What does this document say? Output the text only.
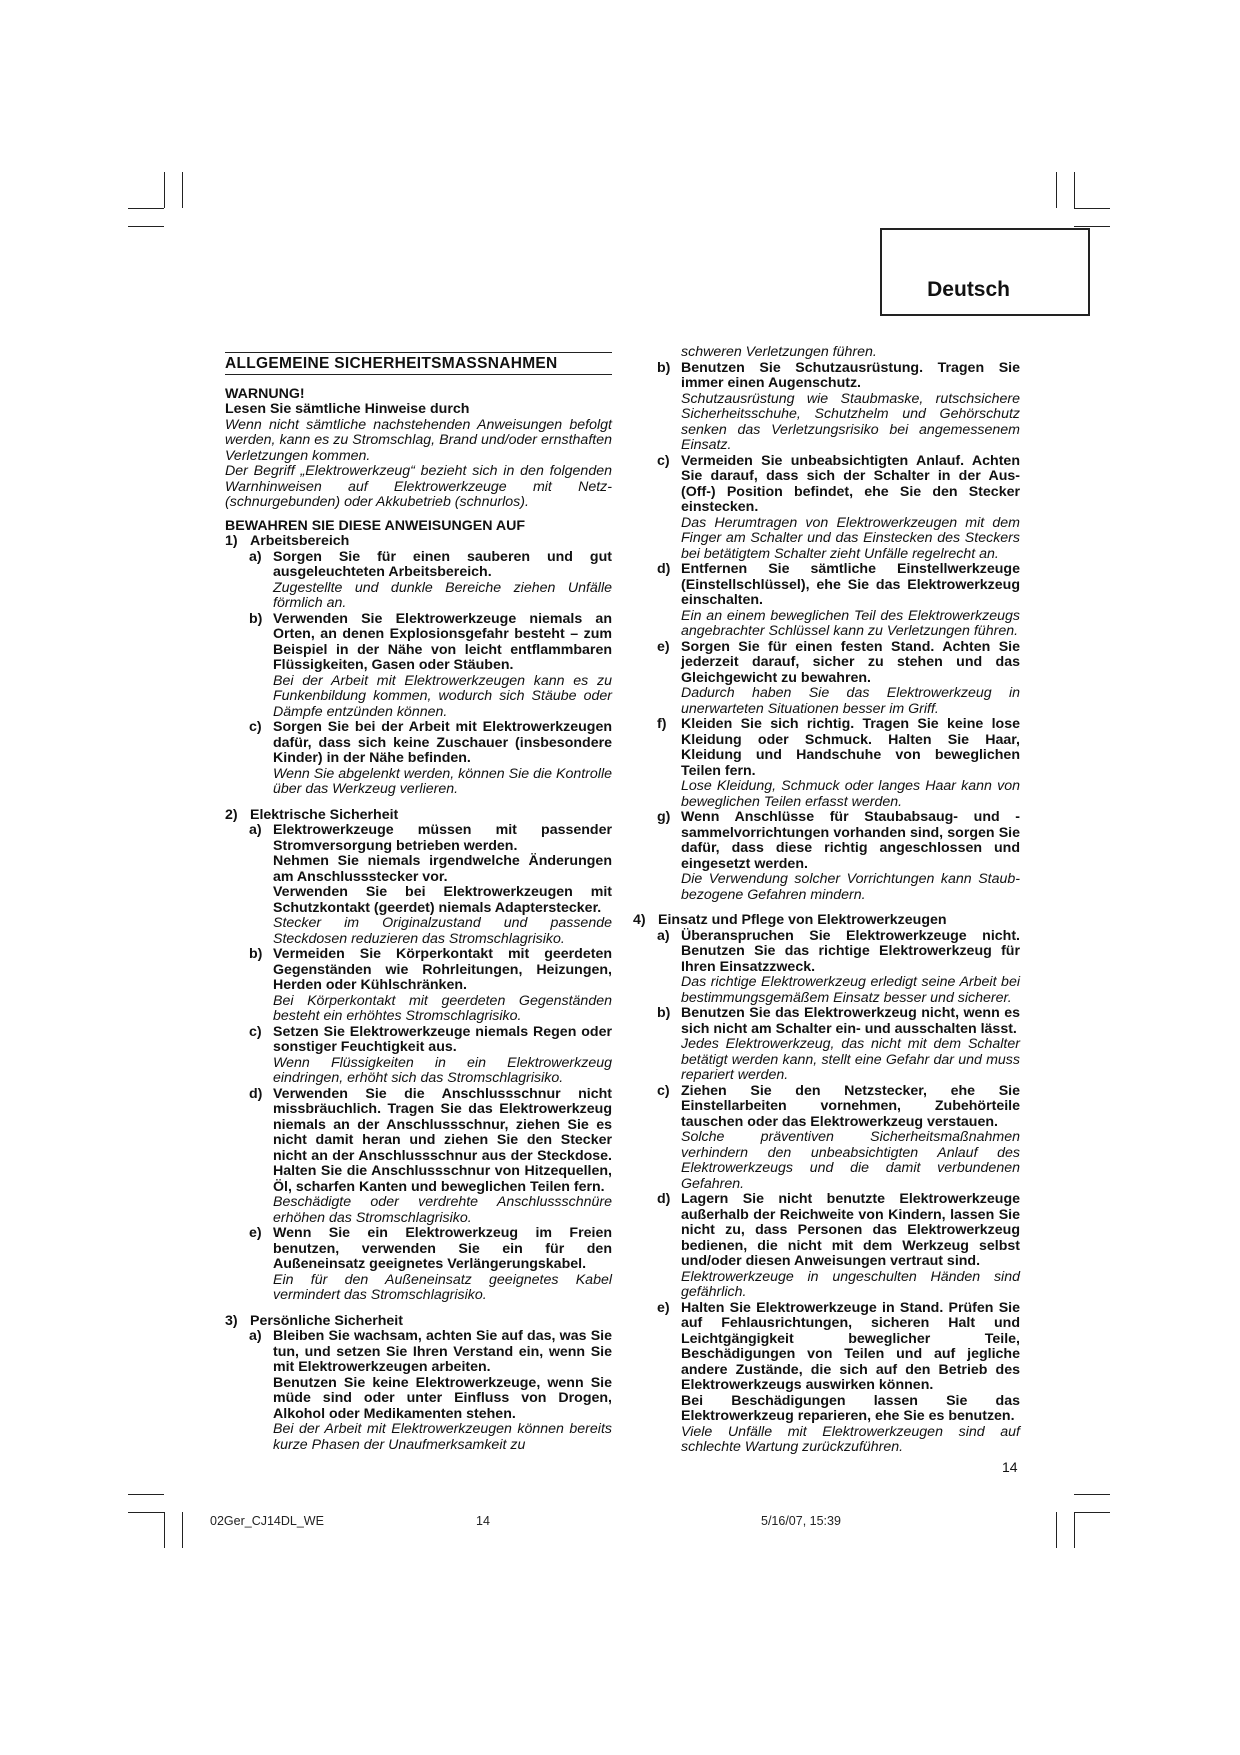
Deutsch
ALLGEMEINE SICHERHEITSMASSNAHMEN

WARNUNG!

Lesen Sie sämtliche Hinweise durch

Wenn nicht sämtliche nachstehenden Anweisungen befolgt werden, kann es zu Stromschlag, Brand und/oder ernsthaften Verletzungen kommen.

Der Begriff „Elektrowerkzeug“ bezieht sich in den folgenden Warnhinweisen auf Elektrowerkzeuge mit Netz- (schnurgebunden) oder Akkubetrieb (schnurlos).

BEWAHREN SIE DIESE ANWEISUNGEN AUF

1) Arbeitsbereich
a) Sorgen Sie für einen sauberen und gut ausgeleuchteten Arbeitsbereich.

Zugestellte und dunkle Bereiche ziehen Unfälle förmlich an.

b) Verwenden Sie Elektrowerkzeuge niemals an Orten, an denen Explosionsgefahr besteht – zum Beispiel in der Nähe von leicht entflammbaren Flüssigkeiten, Gasen oder Stäuben.

Bei der Arbeit mit Elektrowerkzeugen kann es zu Funkenbildung kommen, wodurch sich Stäube oder Dämpfe entzünden können.

c) Sorgen Sie bei der Arbeit mit Elektrowerkzeugen dafür, dass sich keine Zuschauer (insbesondere Kinder) in der Nähe befinden.

Wenn Sie abgelenkt werden, können Sie die Kontrolle über das Werkzeug verlieren.

2) Elektrische Sicherheit
a) Elektrowerkzeuge müssen mit passender Stromversorgung betrieben werden.

Nehmen Sie niemals irgendwelche Änderungen am Anschlussstecker vor.

Verwenden Sie bei Elektrowerkzeugen mit Schutzkontakt (geerdet) niemals Adapterstecker.

Stecker im Originalzustand und passende Steckdosen reduzieren das Stromschlagrisiko.

b) Vermeiden Sie Körperkontakt mit geerdeten Gegenständen wie Rohrleitungen, Heizungen, Herden oder Kühlschränken.

Bei Körperkontakt mit geerdeten Gegenständen besteht ein erhöhtes Stromschlagrisiko.

c) Setzen Sie Elektrowerkzeuge niemals Regen oder sonstiger Feuchtigkeit aus.

Wenn Flüssigkeiten in ein Elektrowerkzeug eindringen, erhöht sich das Stromschlagrisiko.

d) Verwenden Sie die Anschlussschnur nicht missbräuchlich. Tragen Sie das Elektrowerkzeug niemals an der Anschlussschnur, ziehen Sie es nicht damit heran und ziehen Sie den Stecker nicht an der Anschlussschnur aus der Steckdose. Halten Sie die Anschlussschnur von Hitzequellen, Öl, scharfen Kanten und beweglichen Teilen fern.

Beschädigte oder verdrehte Anschlussschnüre erhöhen das Stromschlagrisiko.

e) Wenn Sie ein Elektrowerkzeug im Freien benutzen, verwenden Sie ein für den Außeneinsatz geeignetes Verlängerungskabel.

Ein für den Außeneinsatz geeignetes Kabel vermindert das Stromschlagrisiko.

3) Persönliche Sicherheit
a) Bleiben Sie wachsam, achten Sie auf das, was Sie tun, und setzen Sie Ihren Verstand ein, wenn Sie mit Elektrowerkzeugen arbeiten.

Benutzen Sie keine Elektrowerkzeuge, wenn Sie müde sind oder unter Einfluss von Drogen, Alkohol oder Medikamenten stehen.

Bei der Arbeit mit Elektrowerkzeugen können bereits kurze Phasen der Unaufmerksamkeit zu

schweren Verletzungen führen.

b) Benutzen Sie Schutzausrüstung. Tragen Sie immer einen Augenschutz.

Schutzausrüstung wie Staubmaske, rutschsichere Sicherheitsschuhe, Schutzhelm und Gehörschutz senken das Verletzungsrisiko bei angemessenem Einsatz.

c) Vermeiden Sie unbeabsichtigten Anlauf. Achten Sie darauf, dass sich der Schalter in der Aus- (Off-) Position befindet, ehe Sie den Stecker einstecken.

Das Herumtragen von Elektrowerkzeugen mit dem Finger am Schalter und das Einstecken des Steckers bei betätigtem Schalter zieht Unfälle regelrecht an.

d) Entfernen Sie sämtliche Einstellwerkzeuge (Einstellschlüssel), ehe Sie das Elektrowerkzeug einschalten.

Ein an einem beweglichen Teil des Elektrowerkzeugs angebrachter Schlüssel kann zu Verletzungen führen.

e) Sorgen Sie für einen festen Stand. Achten Sie jederzeit darauf, sicher zu stehen und das Gleichgewicht zu bewahren.

Dadurch haben Sie das Elektrowerkzeug in unerwarteten Situationen besser im Griff.

f) Kleiden Sie sich richtig. Tragen Sie keine lose Kleidung oder Schmuck. Halten Sie Haar, Kleidung und Handschuhe von beweglichen Teilen fern.

Lose Kleidung, Schmuck oder langes Haar kann von beweglichen Teilen erfasst werden.

g) Wenn Anschlüsse für Staubabsaug- und -sammelvorrichtungen vorhanden sind, sorgen Sie dafür, dass diese richtig angeschlossen und eingesetzt werden.

Die Verwendung solcher Vorrichtungen kann Staub-bezogene Gefahren mindern.

4) Einsatz und Pflege von Elektrowerkzeugen
a) Überanspruchen Sie Elektrowerkzeuge nicht. Benutzen Sie das richtige Elektrowerkzeug für Ihren Einsatzzweck.

Das richtige Elektrowerkzeug erledigt seine Arbeit bei bestimmungsgemäßem Einsatz besser und sicherer.

b) Benutzen Sie das Elektrowerkzeug nicht, wenn es sich nicht am Schalter ein- und ausschalten lässt.

Jedes Elektrowerkzeug, das nicht mit dem Schalter betätigt werden kann, stellt eine Gefahr dar und muss repariert werden.

c) Ziehen Sie den Netzstecker, ehe Sie Einstellarbeiten vornehmen, Zubehörteile tauschen oder das Elektrowerkzeug verstauen.

Solche präventiven Sicherheitsmaßnahmen verhindern den unbeabsichtigten Anlauf des Elektrowerkzeugs und die damit verbundenen Gefahren.

d) Lagern Sie nicht benutzte Elektrowerkzeuge außerhalb der Reichweite von Kindern, lassen Sie nicht zu, dass Personen das Elektrowerkzeug bedienen, die nicht mit dem Werkzeug selbst und/oder diesen Anweisungen vertraut sind.

Elektrowerkzeuge in ungeschulten Händen sind gefährlich.

e) Halten Sie Elektrowerkzeuge in Stand. Prüfen Sie auf Fehlausrichtungen, sicheren Halt und Leichtgängigkeit beweglicher Teile, Beschädigungen von Teilen und auf jegliche andere Zustände, die sich auf den Betrieb des Elektrowerkzeugs auswirken können.

Bei Beschädigungen lassen Sie das Elektrowerkzeug reparieren, ehe Sie es benutzen.

Viele Unfälle mit Elektrowerkzeugen sind auf schlechte Wartung zurückzuführen.

14
02Ger_CJ14DL_WE	14	5/16/07, 15:39
